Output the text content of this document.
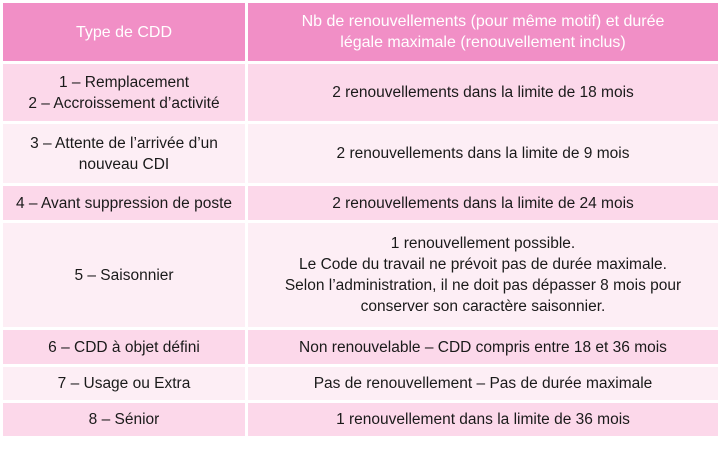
Type de CDD	Nb de renouvellements (pour même motif) et durée
légale maximale (renouvellement inclus)

1 – Remplacement
2 – Accroissement d’activité	2 renouvellements dans la limite de 18 mois

3 – Attente de l’arrivée d’un
nouveau CDI	2 renouvellements dans la limite de 9 mois

4 – Avant suppression de poste	2 renouvellements dans la limite de 24 mois

5 – Saisonnier	1 renouvellement possible.
Le Code du travail ne prévoit pas de durée maximale.
Selon l’administration, il ne doit pas dépasser 8 mois pour
conserver son caractère saisonnier.

6 – CDD à objet défini	Non renouvelable – CDD compris entre 18 et 36 mois

7 – Usage ou Extra	Pas de renouvellement – Pas de durée maximale

8 – Sénior	1 renouvellement dans la limite de 36 mois
